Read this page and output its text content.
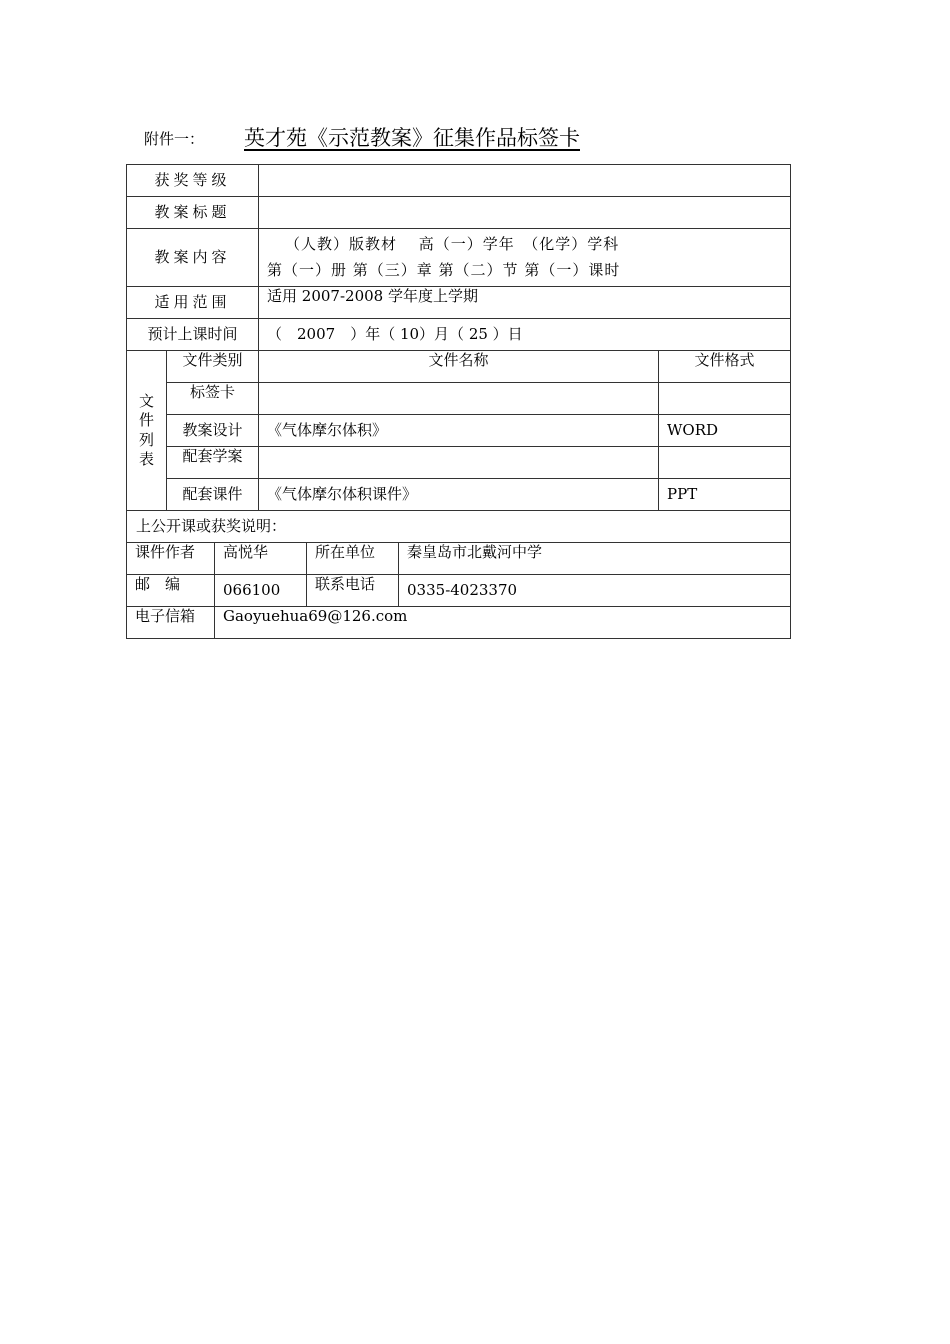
附件一： 英才苑《示范教案》征集作品标签卡
获奖等级						
教案标题						
教案内容			（人教）版教材　 高（一）学年　（化学）学科
第（一）册 第（三）章 第（二）节 第（一）课时			

适用范围			适用 2007-2008 学年度上学期			
预计上课时间			（　2007　）年（ 10）月（ 25 ）日			

文
件
列
表	文件类别		文件名称			文件格式
	标签卡					
	教案设计		《气体摩尔体积》			WORD
	配套学案					
	配套课件		《气体摩尔体积课件》			PPT
上公开课或获奖说明：						
课件作者		高悦华		所在单位	秦皇岛市北戴河中学	
邮　编		066100		联系电话	0335-4023370	
电子信箱		Gaoyuehua69@126.com				
